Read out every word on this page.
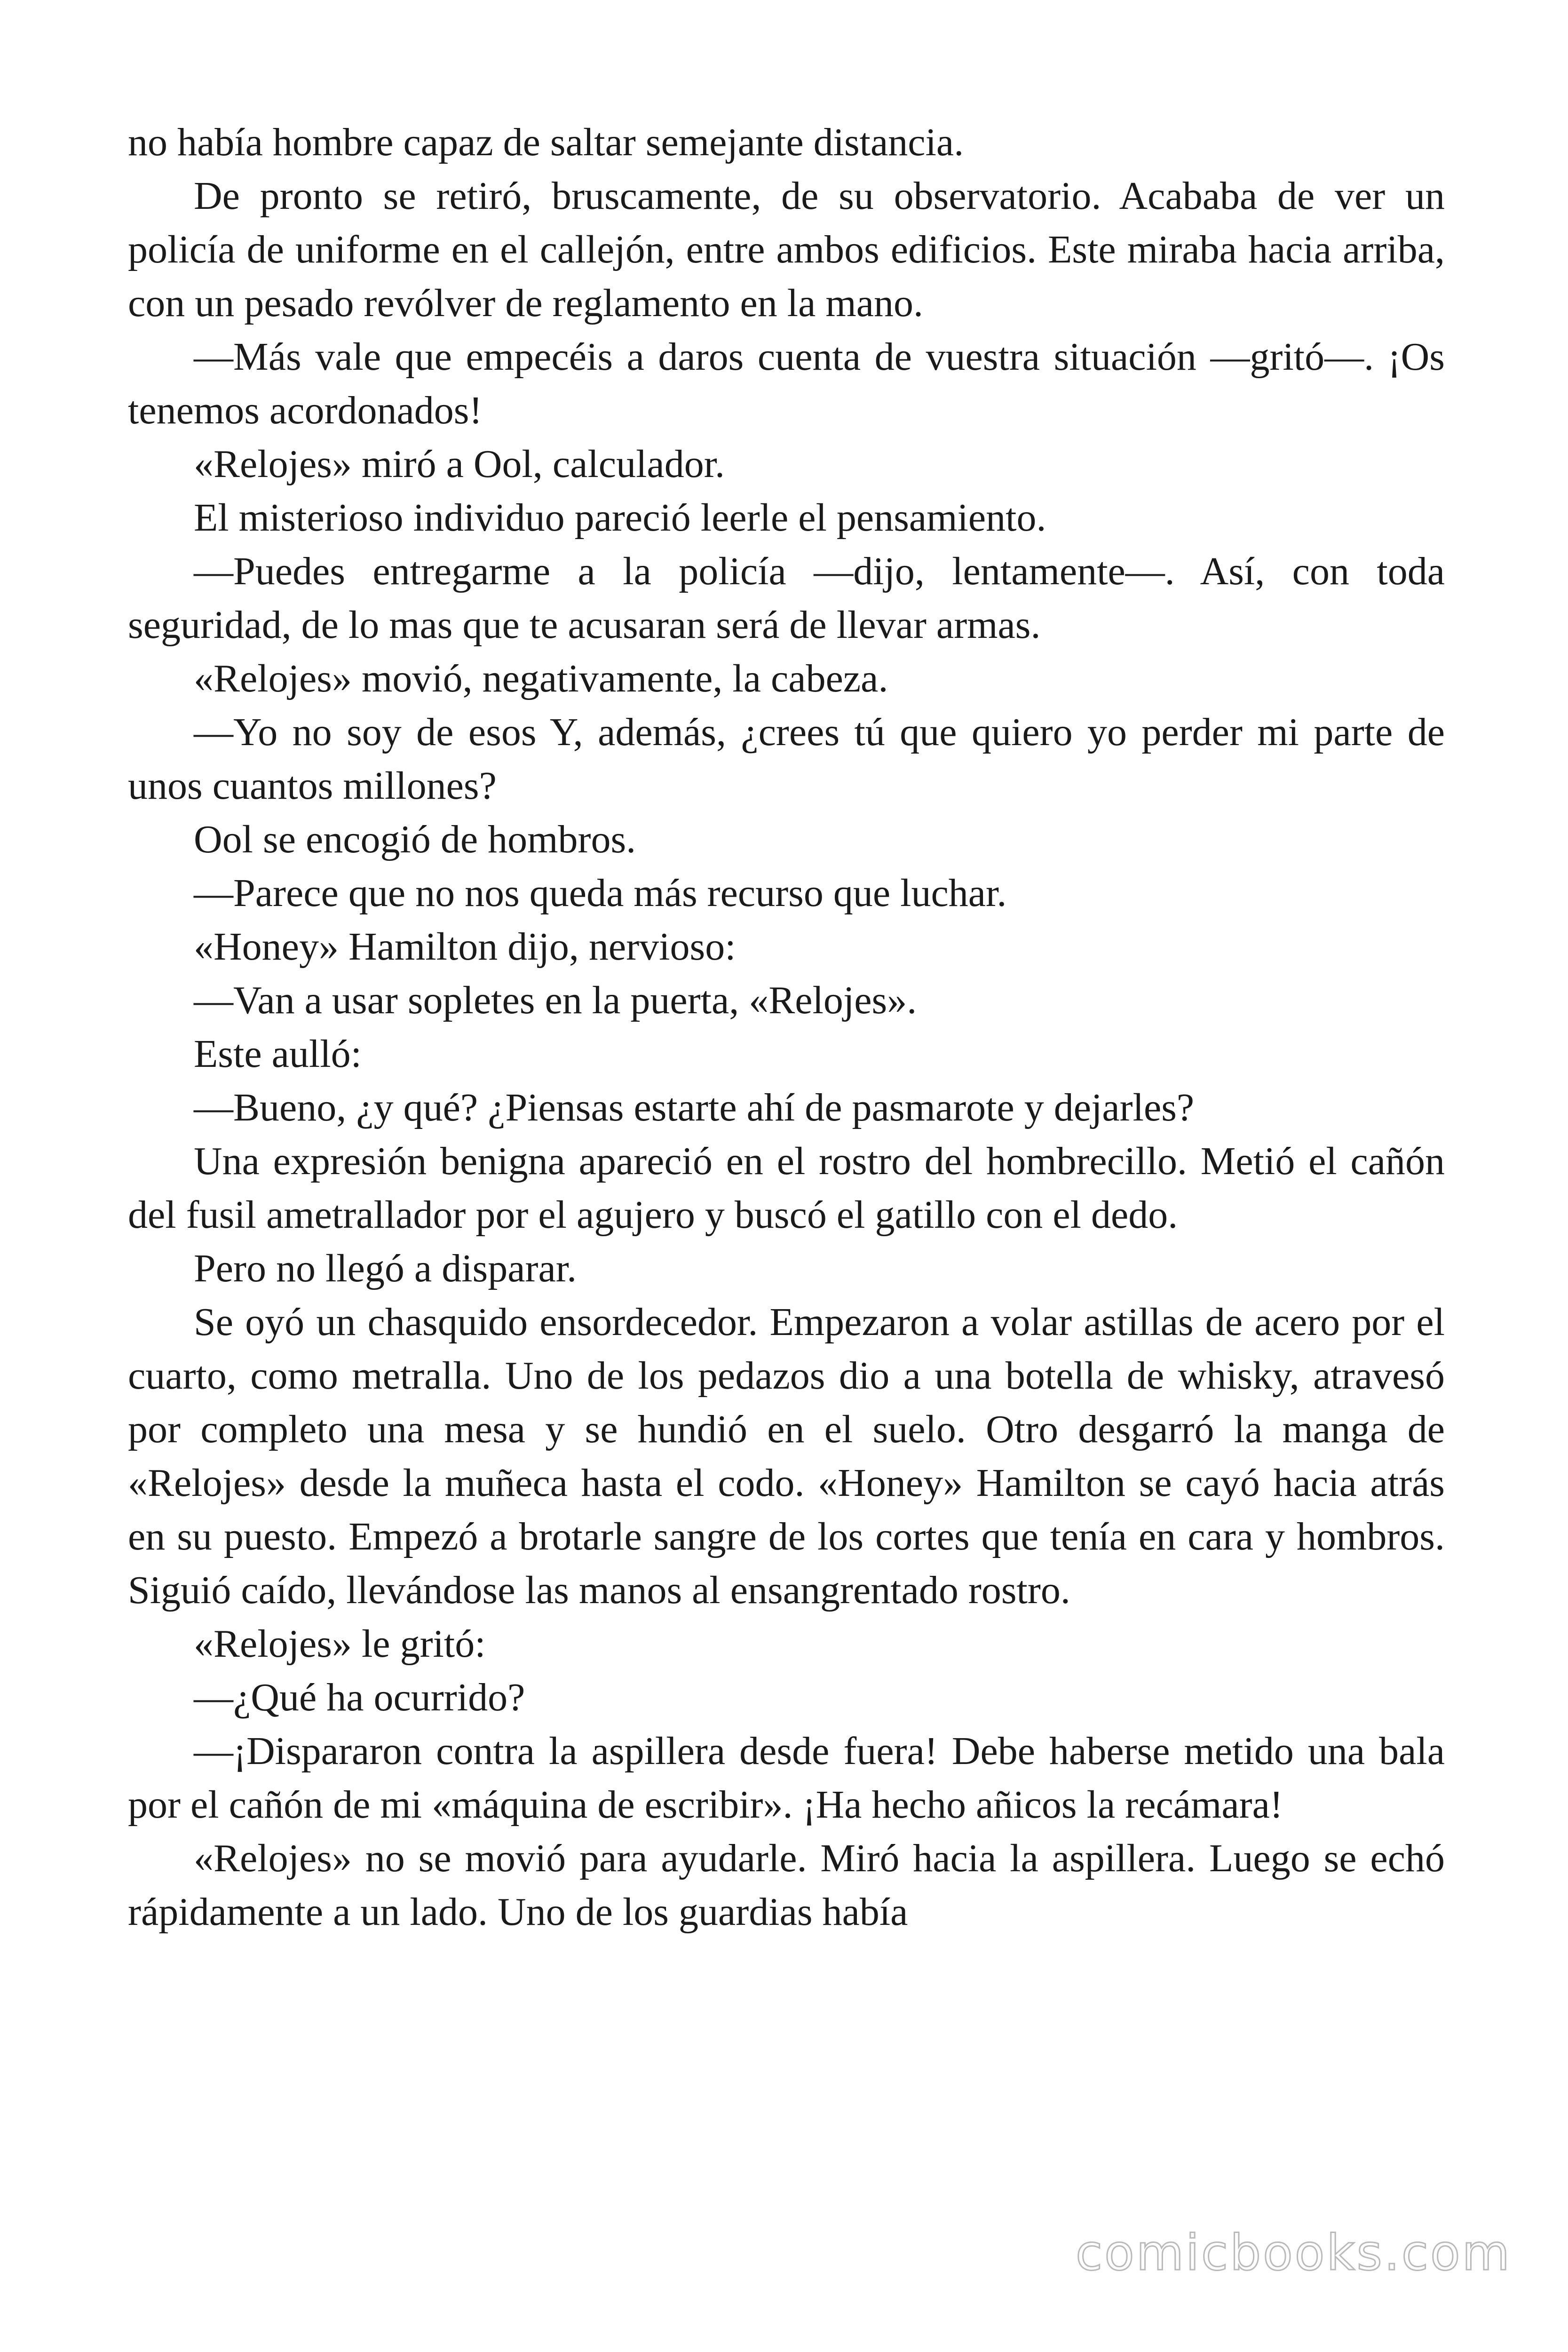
no había hombre capaz de saltar semejante distancia.

De pronto se retiró, bruscamente, de su observatorio. Acababa de ver un policía de uniforme en el callejón, entre ambos edificios. Este miraba hacia arriba, con un pesado revólver de reglamento en la mano.

—Más vale que empecéis a daros cuenta de vuestra situación —gritó—. ¡Os tenemos acordonados!

«Relojes» miró a Ool, calculador.

El misterioso individuo pareció leerle el pensamiento.

—Puedes entregarme a la policía —dijo, lentamente—. Así, con toda seguridad, de lo mas que te acusaran será de llevar armas.

«Relojes» movió, negativamente, la cabeza.

—Yo no soy de esos Y, además, ¿crees tú que quiero yo perder mi parte de unos cuantos millones?

Ool se encogió de hombros.

—Parece que no nos queda más recurso que luchar.

«Honey» Hamilton dijo, nervioso:

—Van a usar sopletes en la puerta, «Relojes».

Este aulló:

—Bueno, ¿y qué? ¿Piensas estarte ahí de pasmarote y dejarles?

Una expresión benigna apareció en el rostro del hombrecillo. Metió el cañón del fusil ametrallador por el agujero y buscó el gatillo con el dedo.

Pero no llegó a disparar.

Se oyó un chasquido ensordecedor. Empezaron a volar astillas de acero por el cuarto, como metralla. Uno de los pedazos dio a una botella de whisky, atravesó por completo una mesa y se hundió en el suelo. Otro desgarró la manga de «Relojes» desde la muñeca hasta el codo. «Honey» Hamilton se cayó hacia atrás en su puesto. Empezó a brotarle sangre de los cortes que tenía en cara y hombros. Siguió caído, llevándose las manos al ensangrentado rostro.

«Relojes» le gritó:

—¿Qué ha ocurrido?

—¡Dispararon contra la aspillera desde fuera! Debe haberse metido una bala por el cañón de mi «máquina de escribir». ¡Ha hecho añicos la recámara!

«Relojes» no se movió para ayudarle. Miró hacia la aspillera. Luego se echó rápidamente a un lado. Uno de los guardias había

comicbooks.com
